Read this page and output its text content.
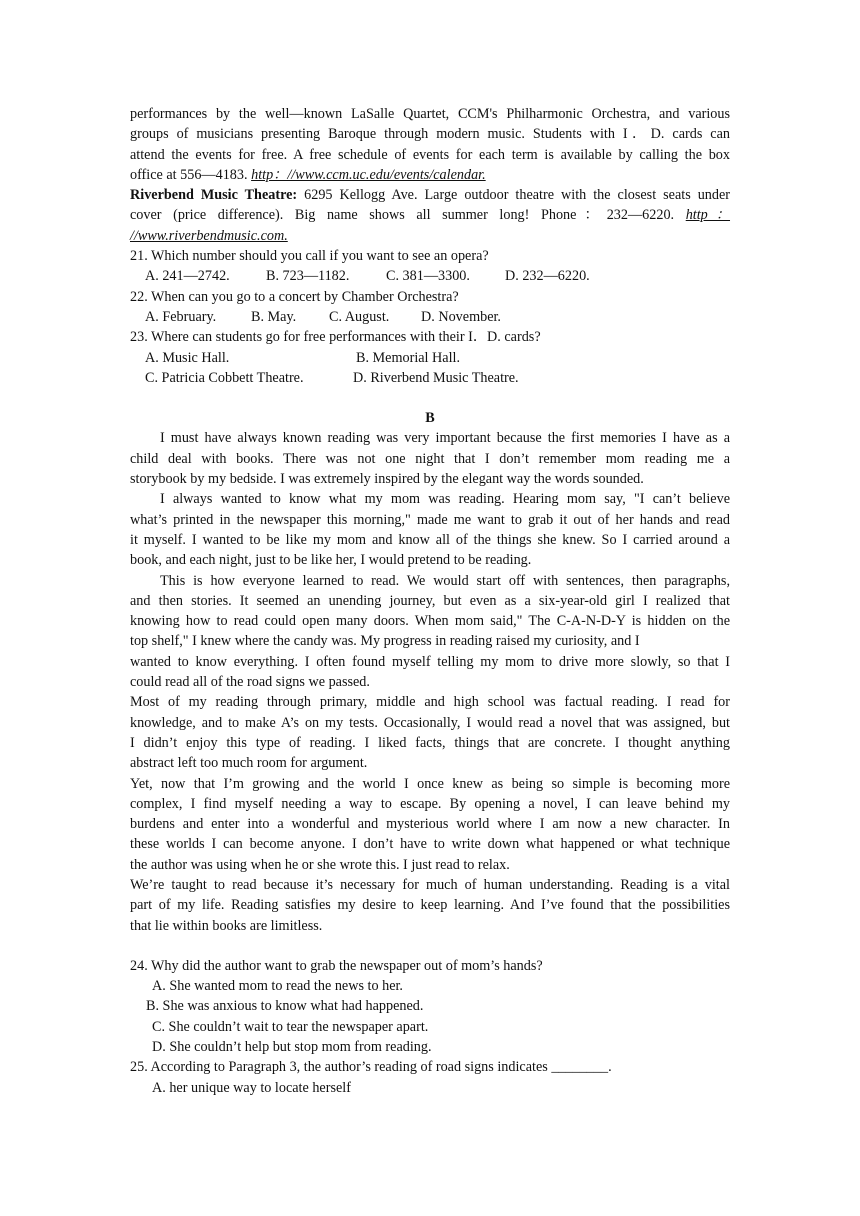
performances by the well—known LaSalle Quartet, CCM's Philharmonic Orchestra, and various
groups of musicians presenting Baroque through modern music. Students with I．D. cards can
attend the events for free. A free schedule of events for each term is available by calling the box
office at 556—4183. http：//www.ccm.uc.edu/events/calendar.
Riverbend Music Theatre: 6295 Kellogg Ave. Large outdoor theatre with the closest seats under
cover (price difference). Big name shows all summer long! Phone：232—6220. http：
//www.riverbendmusic.com.
21. Which number should you call if you want to see an opera?
A. 241—2742.	B. 723—1182.	C. 381—3300.	D. 232—6220.
22. When can you go to a concert by Chamber Orchestra?
A. February.	B. May.	C. August.	D. November.
23. Where can students go for free performances with their I．D. cards?
A. Music Hall.	B. Memorial Hall.
C. Patricia Cobbett Theatre.	D. Riverbend Music Theatre.
B
I must have always known reading was very important because the first memories I have as a
child deal with books. There was not one night that I don’t remember mom reading me a
storybook by my bedside. I was extremely inspired by the elegant way the words sounded.
I always wanted to know what my mom was reading. Hearing mom say, "I can’t believe
what’s printed in the newspaper this morning," made me want to grab it out of her hands and read
it myself. I wanted to be like my mom and know all of the things she knew. So I carried around a
book, and each night, just to be like her, I would pretend to be reading.
This is how everyone learned to read. We would start off with sentences, then paragraphs,
and then stories. It seemed an unending journey, but even as a six-year-old girl I realized that
knowing how to read could open many doors. When mom said," The C-A-N-D-Y is hidden on the
top shelf," I knew where the candy was. My progress in reading raised my curiosity, and I
wanted to know everything. I often found myself telling my mom to drive more slowly, so that I
could read all of the road signs we passed.
Most of my reading through primary, middle and high school was factual reading. I read for
knowledge, and to make A’s on my tests. Occasionally, I would read a novel that was assigned, but
I didn’t enjoy this type of reading. I liked facts, things that are concrete. I thought anything
abstract left too much room for argument.
Yet, now that I’m growing and the world I once knew as being so simple is becoming more
complex, I find myself needing a way to escape. By opening a novel, I can leave behind my
burdens and enter into a wonderful and mysterious world where I am now a new character. In
these worlds I can become anyone. I don’t have to write down what happened or what technique
the author was using when he or she wrote this. I just read to relax.
We’re taught to read because it’s necessary for much of human understanding. Reading is a vital
part of my life. Reading satisfies my desire to keep learning. And I’ve found that the possibilities
that lie within books are limitless.
24. Why did the author want to grab the newspaper out of mom’s hands?
A. She wanted mom to read the news to her.
B. She was anxious to know what had happened.
C. She couldn’t wait to tear the newspaper apart.
D. She couldn’t help but stop mom from reading.
25. According to Paragraph 3, the author’s reading of road signs indicates ________.
A. her unique way to locate herself
